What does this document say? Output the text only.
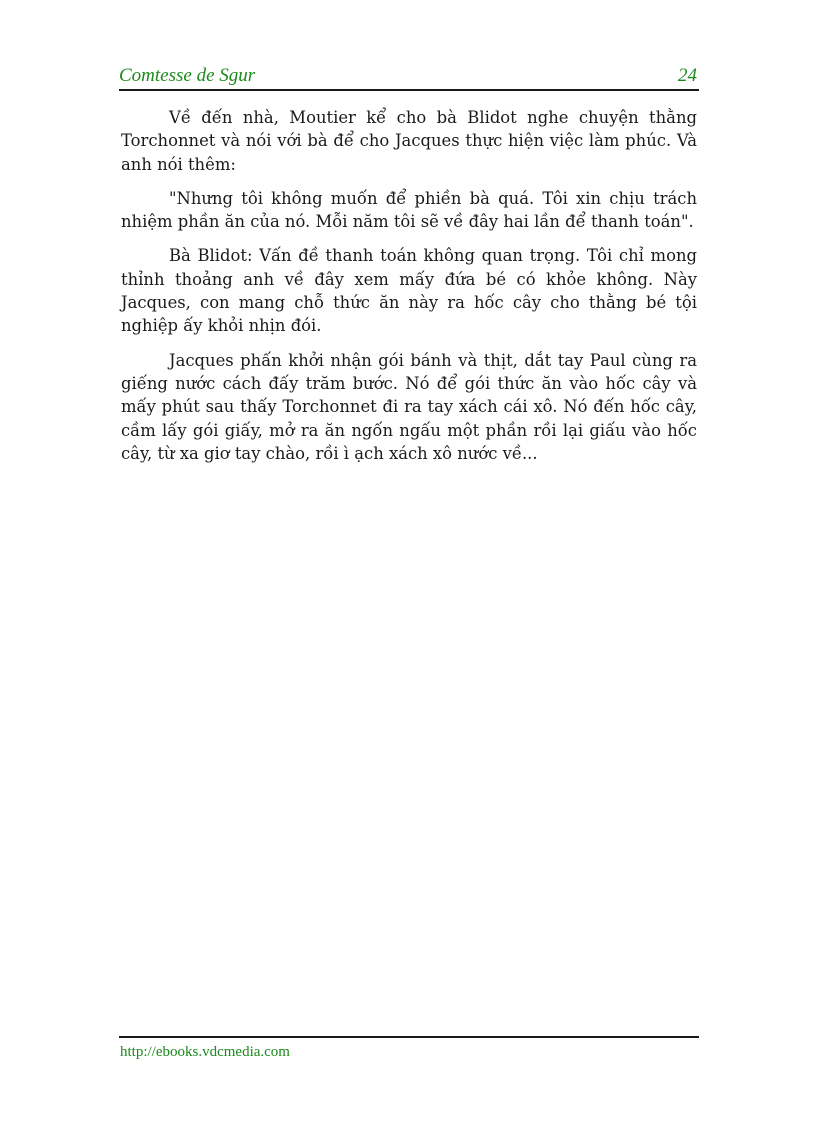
Comtesse de Sgur	24

Về đến nhà, Moutier kể cho bà Blidot nghe chuyện thằng Torchonnet và nói với bà để cho Jacques thực hiện việc làm phúc. Và anh nói thêm:

"Nhưng tôi không muốn để phiền bà quá. Tôi xin chịu trách nhiệm phần ăn của nó. Mỗi năm tôi sẽ về đây hai lần để thanh toán".

Bà Blidot: Vấn đề thanh toán không quan trọng. Tôi chỉ mong thỉnh thoảng anh về đây xem mấy đứa bé có khỏe không. Này Jacques, con mang chỗ thức ăn này ra hốc cây cho thằng bé tội nghiệp ấy khỏi nhịn đói.

Jacques phấn khởi nhận gói bánh và thịt, dắt tay Paul cùng ra giếng nước cách đấy trăm bước. Nó để gói thức ăn vào hốc cây và mấy phút sau thấy Torchonnet đi ra tay xách cái xô. Nó đến hốc cây, cầm lấy gói giấy, mở ra ăn ngốn ngấu một phần rồi lại giấu vào hốc cây, từ xa giơ tay chào, rồi ì ạch xách xô nước về...

http://ebooks.vdcmedia.com
